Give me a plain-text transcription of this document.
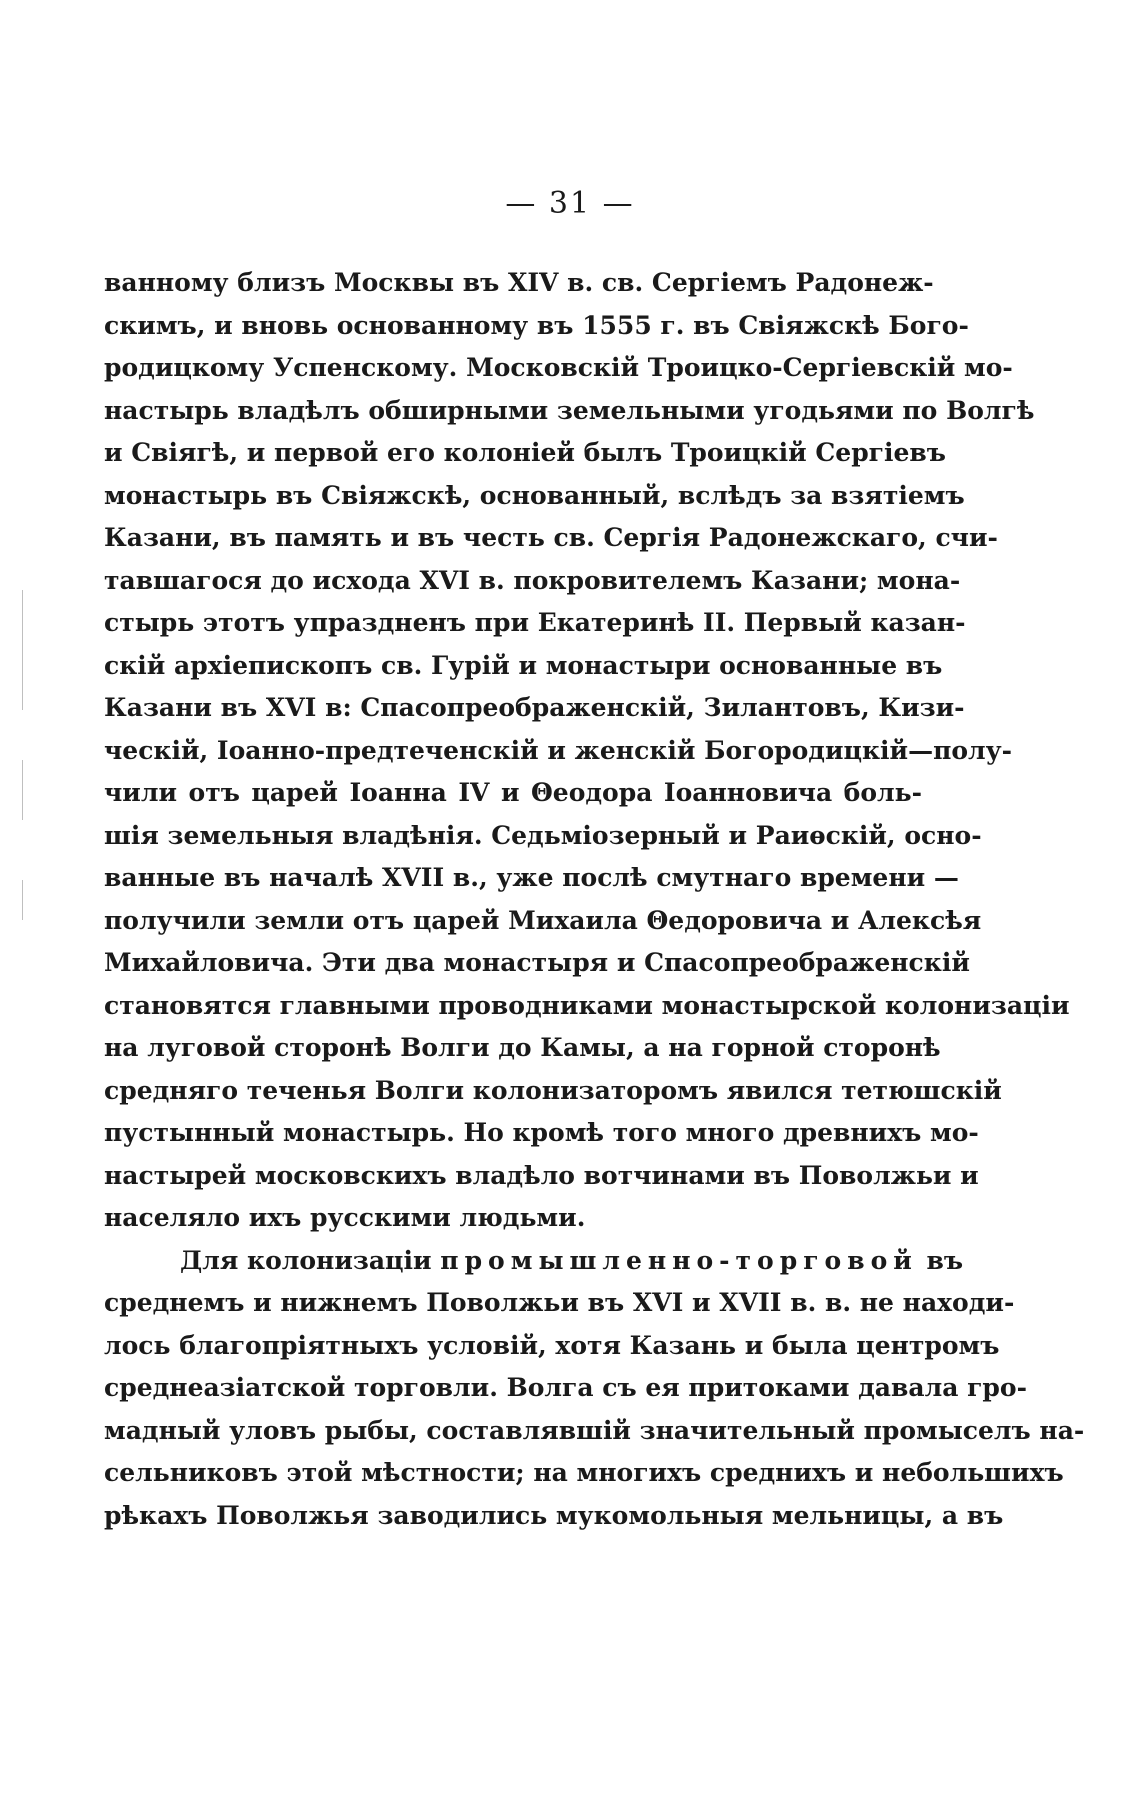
— 31 —
ванному близъ Москвы въ XIV в. св. Сергіемъ Радонеж-
скимъ, и вновь основанному въ 1555 г. въ Свіяжскѣ Бого-
родицкому Успенскому. Московскій Троицко-Сергіевскій мо-
настырь владѣлъ обширными земельными угодьями по Волгѣ
и Свіягѣ, и первой его колоніей былъ Троицкій Сергіевъ
монастырь въ Свіяжскѣ, основанный, вслѣдъ за взятіемъ
Казани, въ память и въ честь св. Сергія Радонежскаго, счи-
тавшагося до исхода XVI в. покровителемъ Казани; мона-
стырь этотъ упраздненъ при Екатеринѣ II. Первый казан-
скій архіепископъ св. Гурій и монастыри основанные въ
Казани въ XVI в: Спасопреображенскій, Зилантовъ, Кизи-
ческій, Іоанно-предтеченскій и женскій Богородицкій—полу-
чили отъ царей Іоанна IV и Θеодора Іоанновича боль-
шія земельныя владѣнія. Седьміозерный и Раиѳскій, осно-
ванные въ началѣ XVII в., уже послѣ смутнаго времени —
получили земли отъ царей Михаила Θедоровича и Алексѣя
Михайловича. Эти два монастыря и Спасопреображенскій
становятся главными проводниками монастырской колонизаціи
на луговой сторонѣ Волги до Камы, а на горной сторонѣ
средняго теченья Волги колонизаторомъ явился тетюшскій
пустынный монастырь. Но кромѣ того много древнихъ мо-
настырей московскихъ владѣло вотчинами въ Поволжьи и
населяло ихъ русскими людьми.
Для колонизаціи промышленно-торговой въ
среднемъ и нижнемъ Поволжьи въ XVI и XVII в. в. не находи-
лось благопріятныхъ условій, хотя Казань и была центромъ
среднеазіатской торговли. Волга съ ея притоками давала гро-
мадный уловъ рыбы, составлявшій значительный промыселъ на-
сельниковъ этой мѣстности; на многихъ среднихъ и небольшихъ
рѣкахъ Поволжья заводились мукомольныя мельницы, а въ
